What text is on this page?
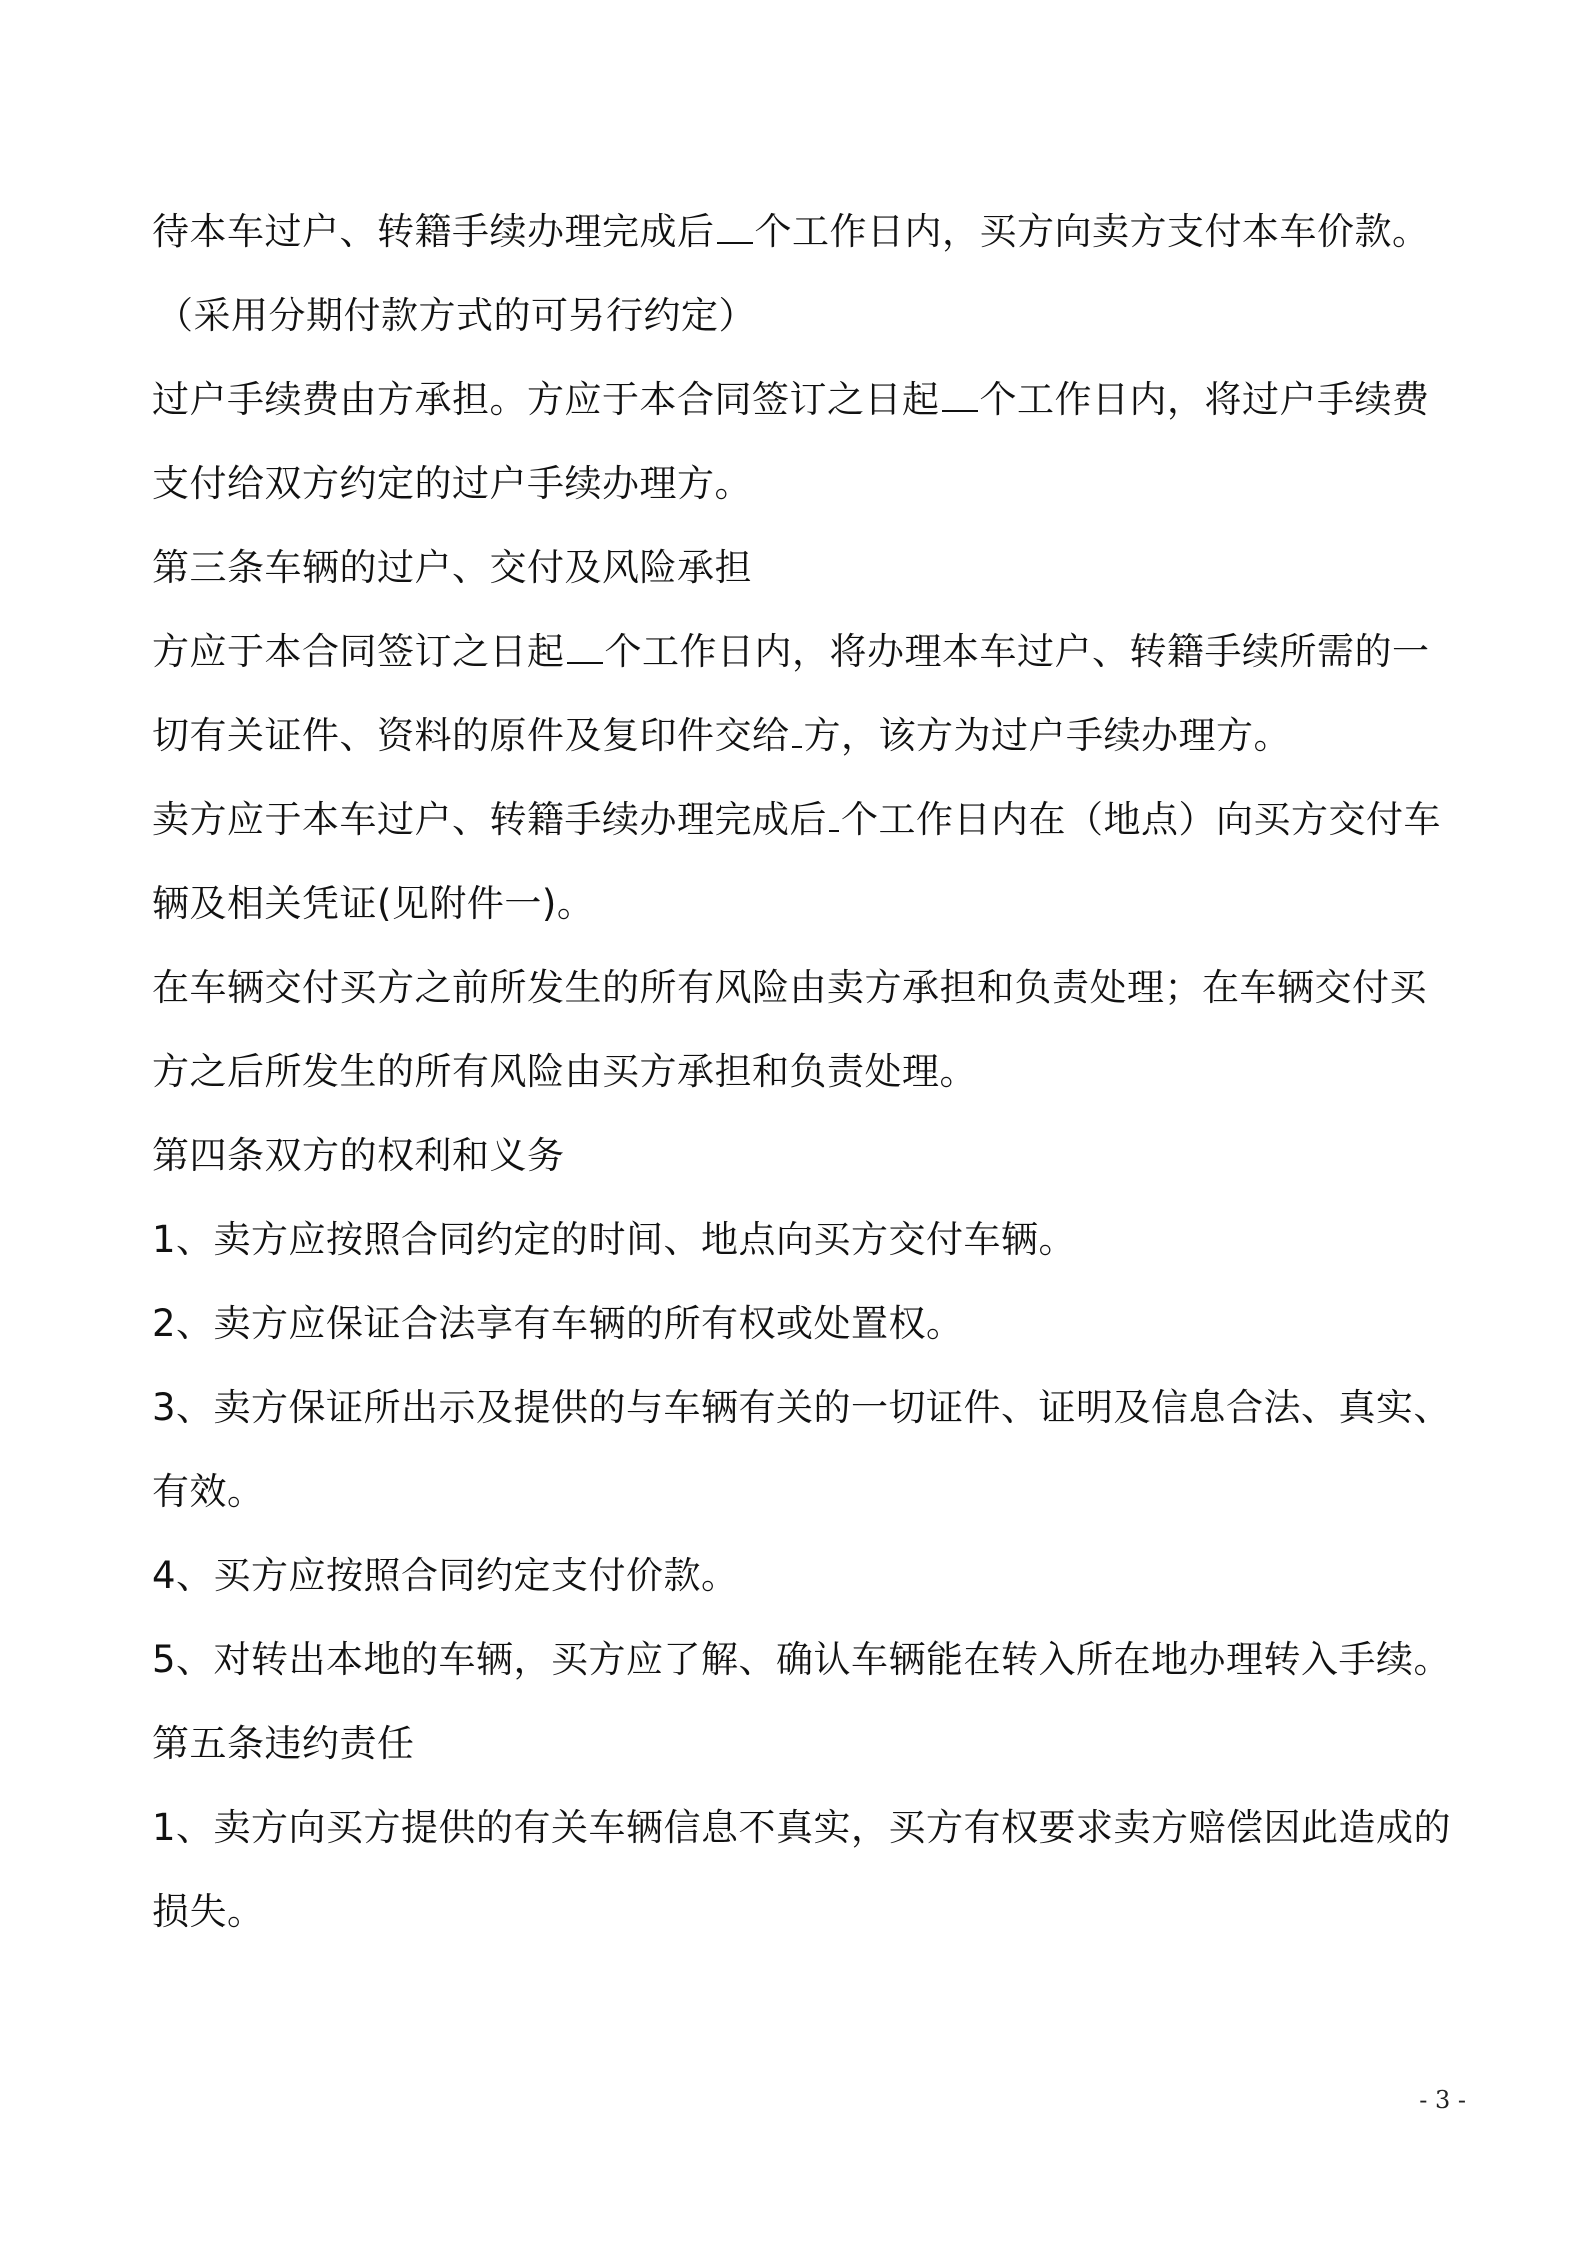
待本车过户、转籍手续办理完成后 个工作日内，买方向卖方支付本车价款。
（采用分期付款方式的可另行约定）
过户手续费由方承担。方应于本合同签订之日起 个工作日内，将过户手续费
支付给双方约定的过户手续办理方。
第三条车辆的过户、交付及风险承担
方应于本合同签订之日起 个工作日内，将办理本车过户、转籍手续所需的一
切有关证件、资料的原件及复印件交给 方，该方为过户手续办理方。
卖方应于本车过户、转籍手续办理完成后 个工作日内在（地点）向买方交付车
辆及相关凭证(见附件一)。
在车辆交付买方之前所发生的所有风险由卖方承担和负责处理；在车辆交付买
方之后所发生的所有风险由买方承担和负责处理。
第四条双方的权利和义务
1、卖方应按照合同约定的时间、地点向买方交付车辆。
2、卖方应保证合法享有车辆的所有权或处置权。
3、卖方保证所出示及提供的与车辆有关的一切证件、证明及信息合法、真实、
有效。
4、买方应按照合同约定支付价款。
5、对转出本地的车辆，买方应了解、确认车辆能在转入所在地办理转入手续。
第五条违约责任
1、卖方向买方提供的有关车辆信息不真实，买方有权要求卖方赔偿因此造成的
损失。
- 3 -
